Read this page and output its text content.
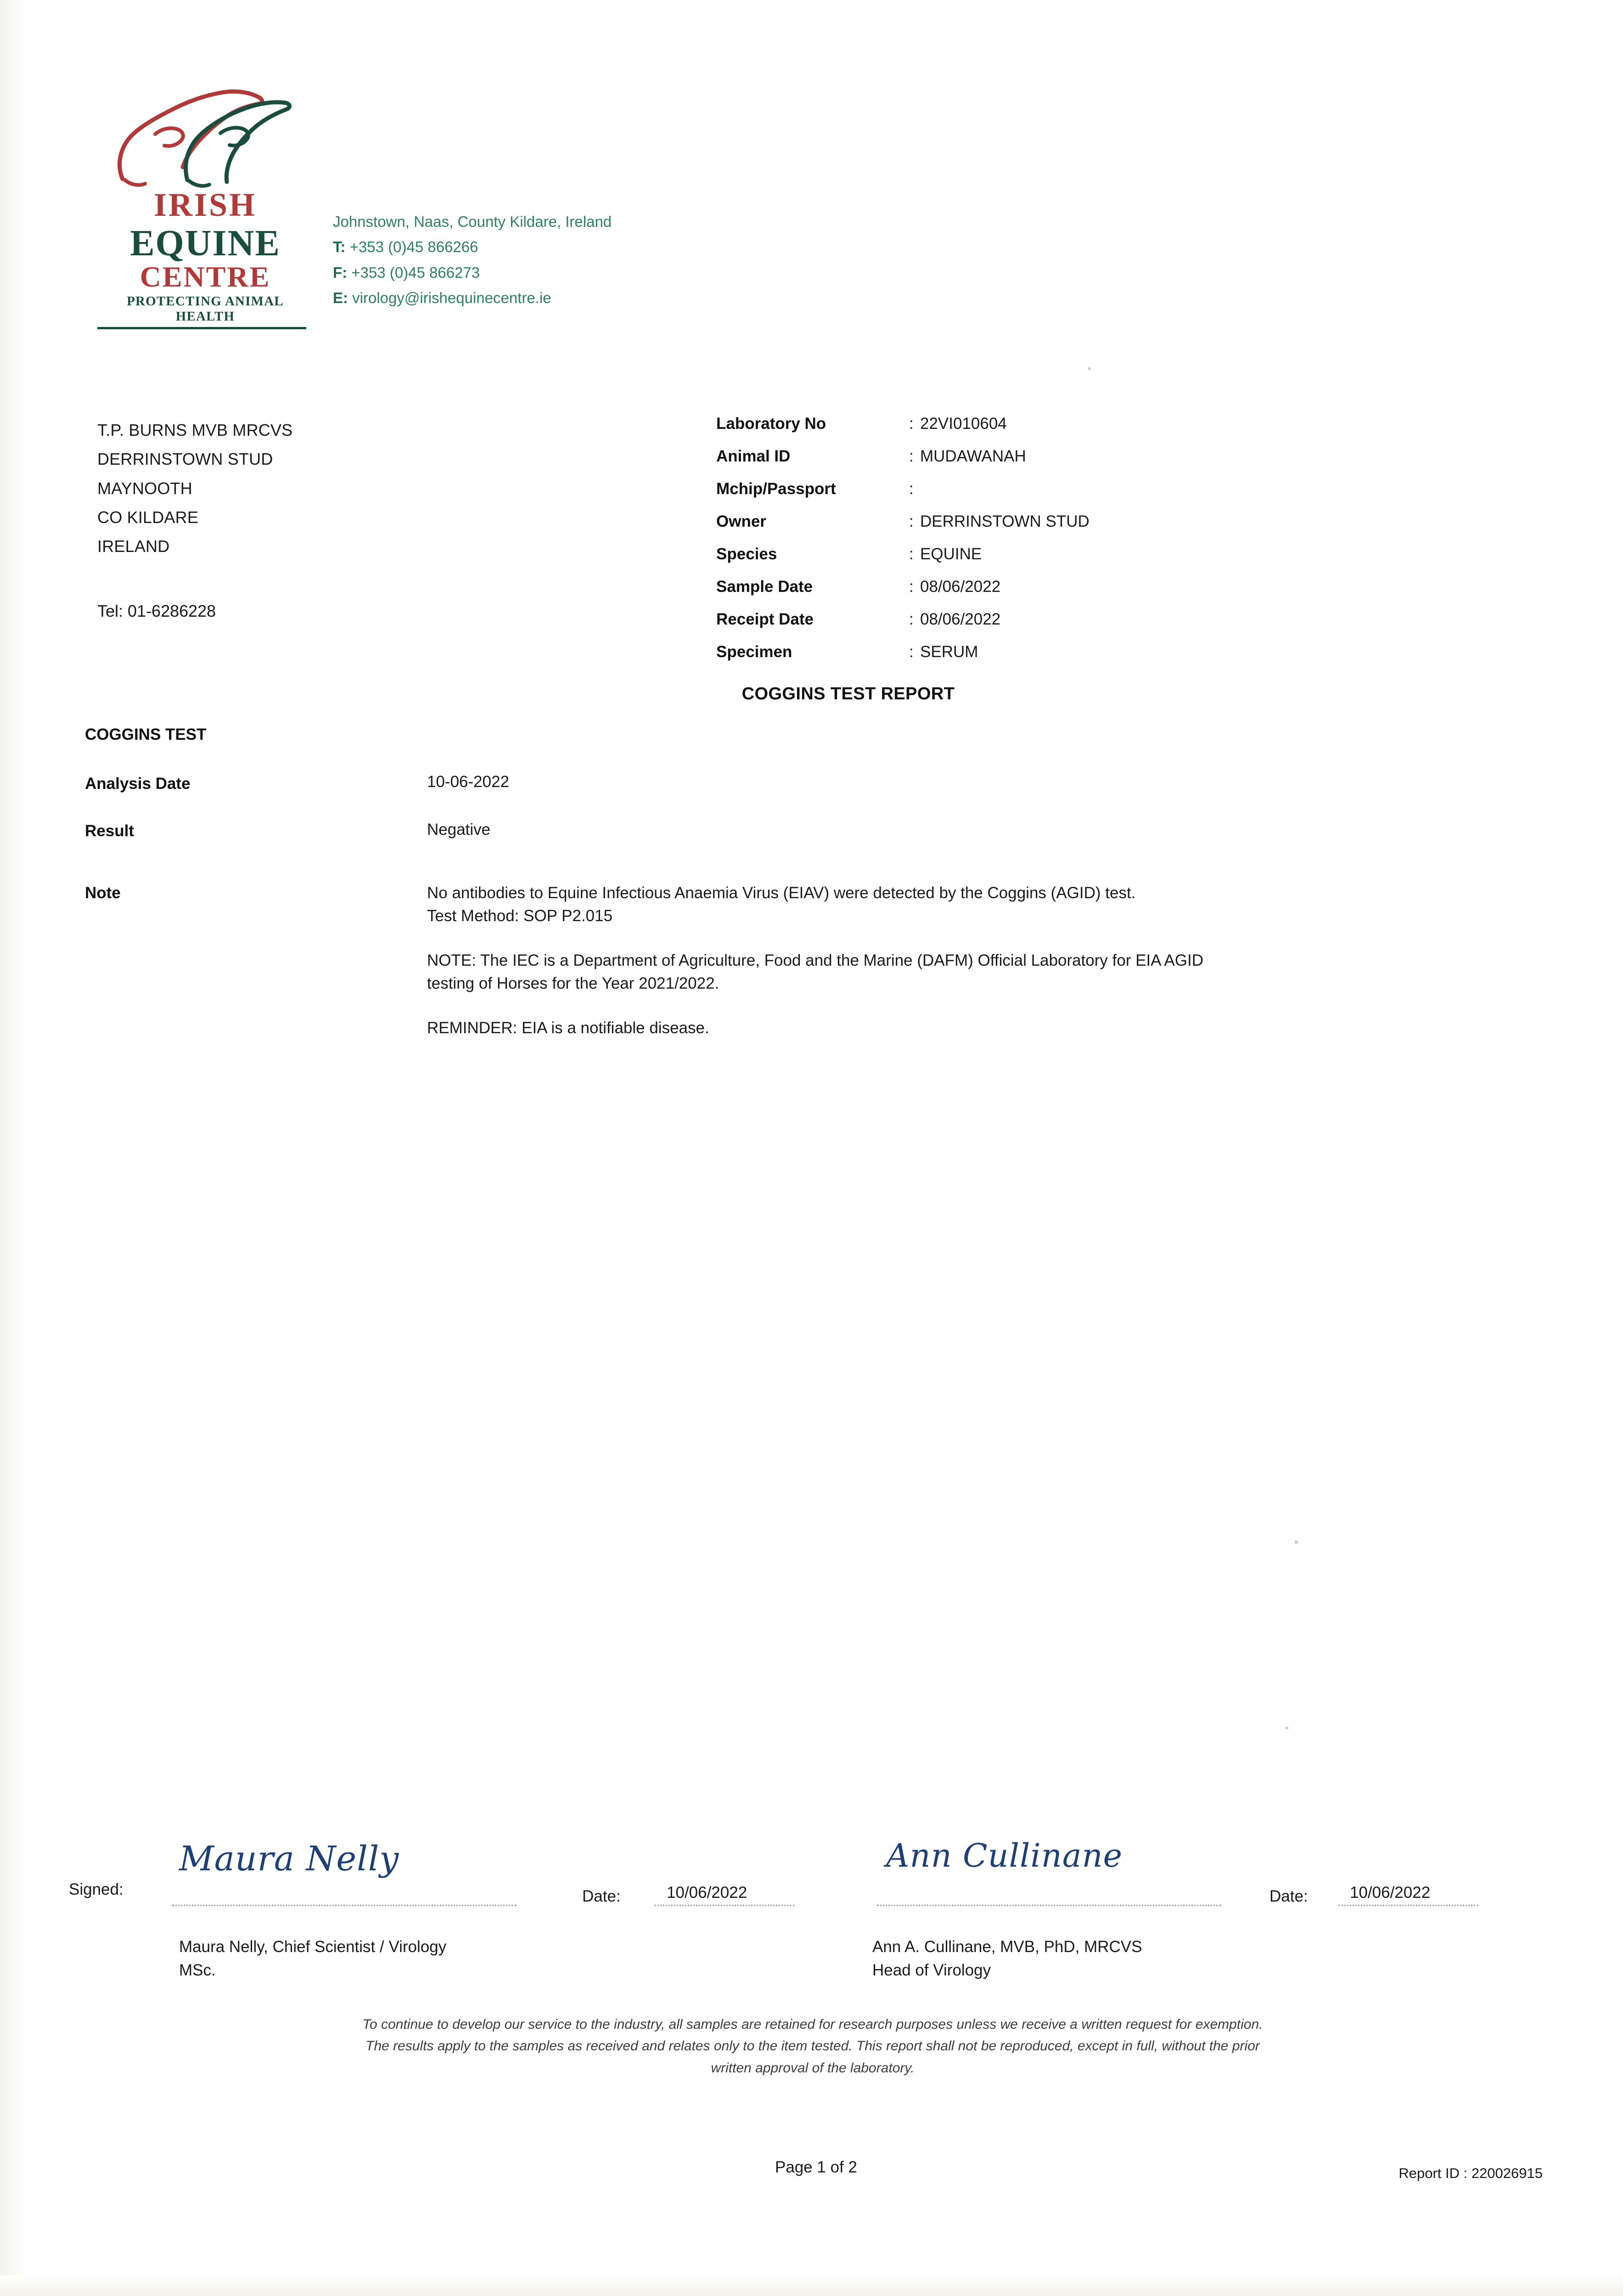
IRISH
EQUINE
CENTRE
PROTECTING ANIMAL HEALTH
Johnstown, Naas, County Kildare, Ireland
T: +353 (0)45 866266
F: +353 (0)45 866273
E: virology@irishequinecentre.ie
T.P. BURNS MVB MRCVS
DERRINSTOWN STUD
MAYNOOTH
CO KILDARE
IRELAND
Tel: 01-6286228
Laboratory No	: 22VI010604
Animal ID	: MUDAWANAH
Mchip/Passport	:
Owner	: DERRINSTOWN STUD
Species	: EQUINE
Sample Date	: 08/06/2022
Receipt Date	: 08/06/2022
Specimen	: SERUM
COGGINS TEST REPORT
COGGINS TEST
Analysis Date	10-06-2022
Result	Negative
Note	No antibodies to Equine Infectious Anaemia Virus (EIAV) were detected by the Coggins (AGID) test.

Test Method: SOP P2.015

NOTE: The IEC is a Department of Agriculture, Food and the Marine (DAFM) Official Laboratory for EIA AGID testing of Horses for the Year 2021/2022.

REMINDER: EIA is a notifiable disease.

Signed:
Maura Nelly
Date:	10/06/2022
Maura Nelly, Chief Scientist / Virology
MSc.
Ann Cullinane
Date:	10/06/2022
Ann A. Cullinane, MVB, PhD, MRCVS
Head of Virology
To continue to develop our service to the industry, all samples are retained for research purposes unless we receive a written request for exemption.
The results apply to the samples as received and relates only to the item tested. This report shall not be reproduced, except in full, without the prior
written approval of the laboratory.
Page 1 of 2	Report ID : 220026915
